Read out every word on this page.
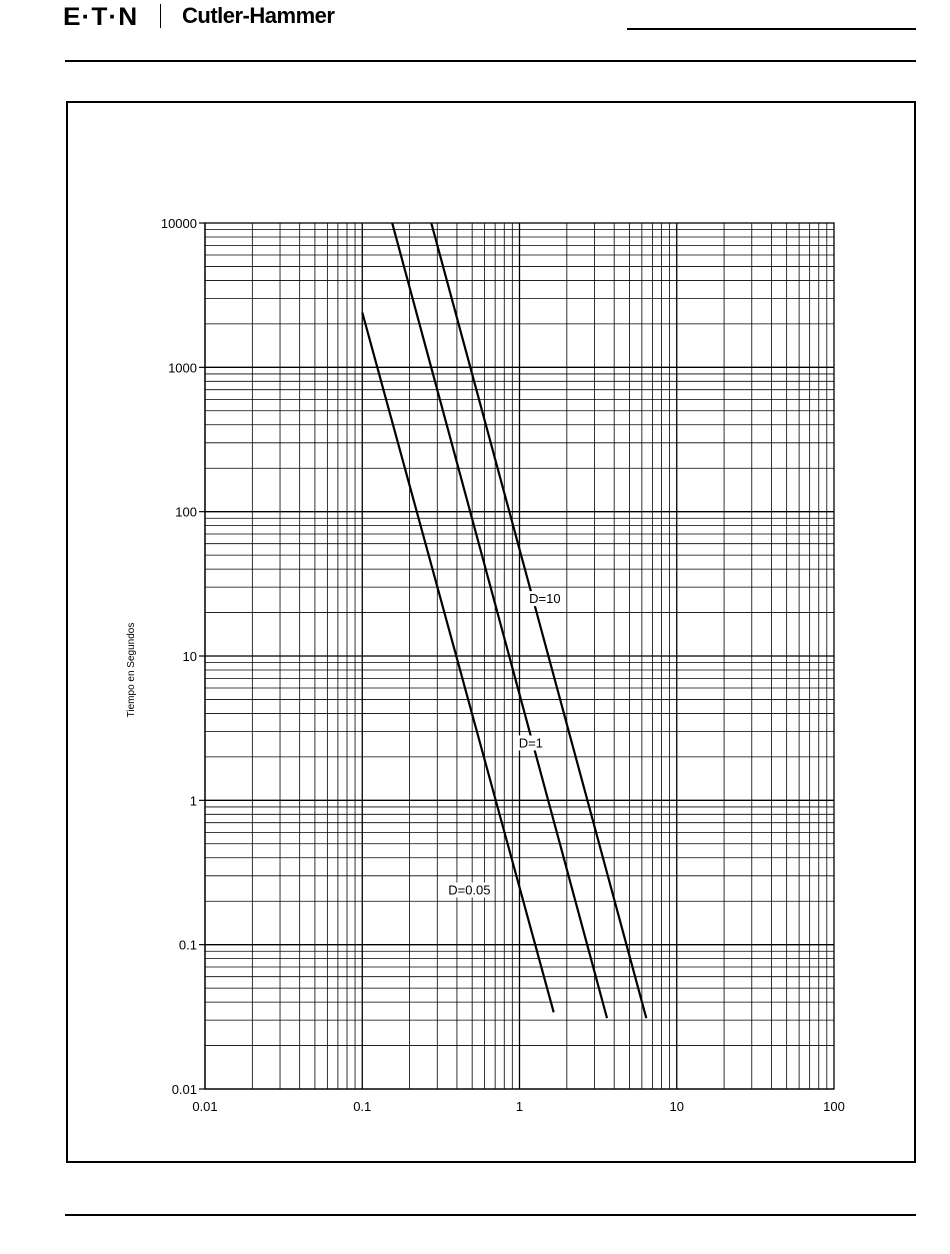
E·T·N Cutler-Hammer
0.01	0.1	1	10	100
0.01
0.1
1
10
100
1000
10000
D=0.05
D=1
D=10
Tiempo en Segundos
